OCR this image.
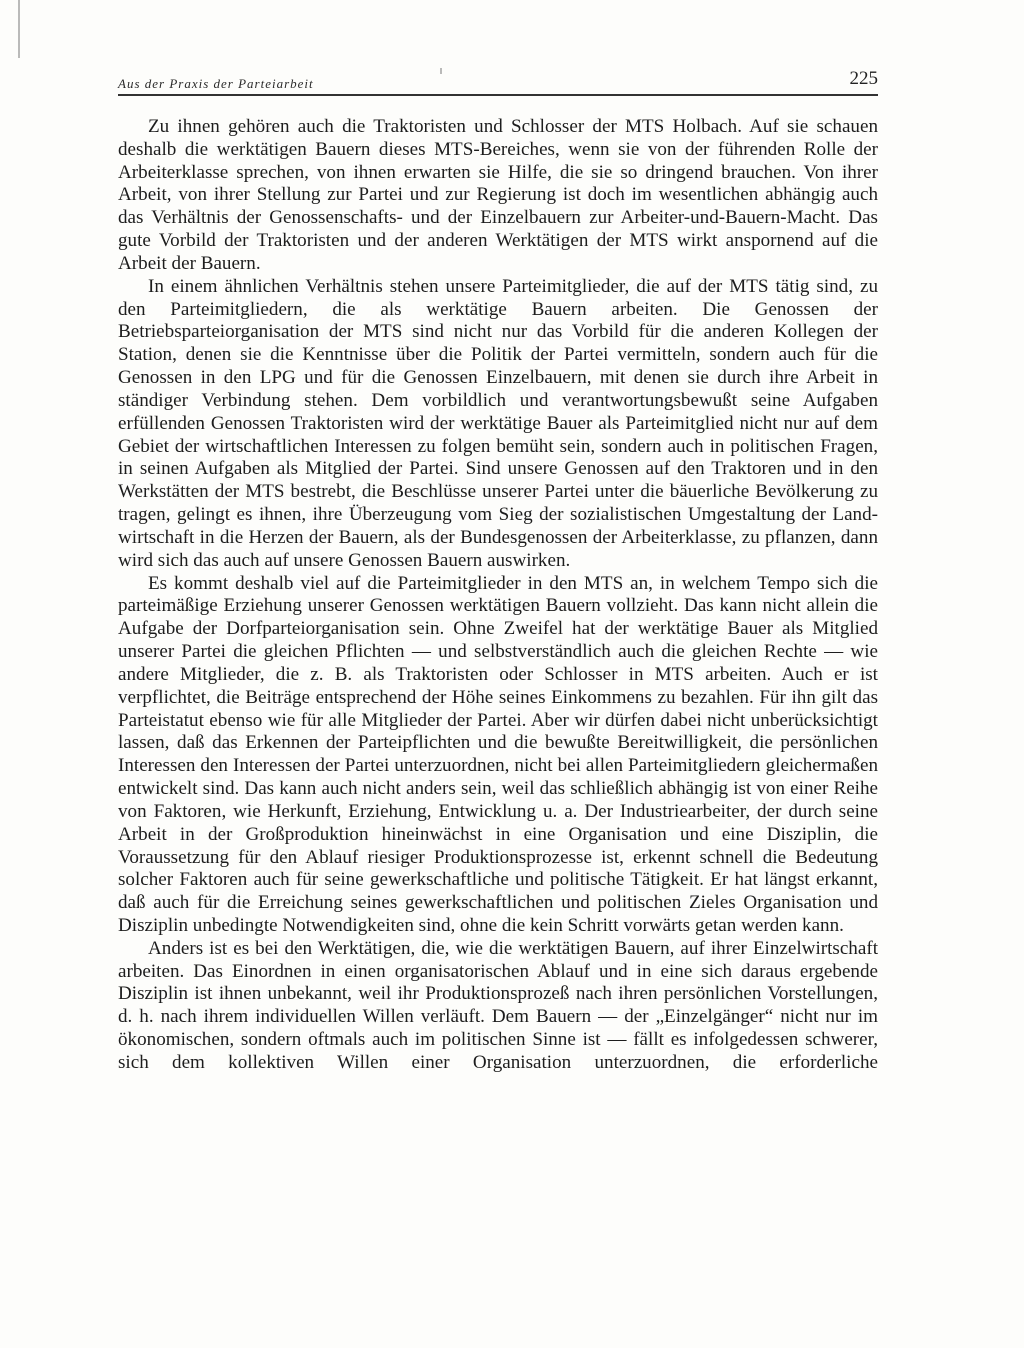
Aus der Praxis der Parteiarbeit	225

Zu ihnen gehören auch die Traktoristen und Schlosser der MTS Holbach. Auf sie schauen deshalb die werktätigen Bauern dieses MTS-Bereiches, wenn sie von der führenden Rolle der Arbeiterklasse sprechen, von ihnen erwarten sie Hilfe, die sie so dringend brauchen. Von ihrer Arbeit, von ihrer Stellung zur Partei und zur Regierung ist doch im wesentlichen abhängig auch das Verhältnis der Genossenschafts- und der Einzelbauern zur Arbeiter-und-Bauern-Macht. Das gute Vorbild der Traktoristen und der anderen Werktätigen der MTS wirkt anspornend auf die Arbeit der Bauern.

In einem ähnlichen Verhältnis stehen unsere Parteimitglieder, die auf der MTS tätig sind, zu den Parteimitgliedern, die als werktätige Bauern arbeiten. Die Genossen der Betriebsparteiorganisation der MTS sind nicht nur das Vorbild für die anderen Kollegen der Station, denen sie die Kenntnisse über die Politik der Partei vermitteln, sondern auch für die Genossen in den LPG und für die Genossen Einzelbauern, mit denen sie durch ihre Arbeit in ständiger Verbindung stehen. Dem vorbildlich und verantwortungsbewußt seine Aufgaben erfüllenden Genossen Traktoristen wird der werktätige Bauer als Parteimitglied nicht nur auf dem Gebiet der wirtschaftlichen Interessen zu folgen bemüht sein, sondern auch in politischen Fragen, in seinen Aufgaben als Mitglied der Partei. Sind unsere Genossen auf den Traktoren und in den Werkstätten der MTS bestrebt, die Beschlüsse unserer Partei unter die bäuerliche Bevölkerung zu tragen, gelingt es ihnen, ihre Überzeugung vom Sieg der sozialistischen Umgestaltung der Landwirtschaft in die Herzen der Bauern, als der Bundesgenossen der Arbeiterklasse, zu pflanzen, dann wird sich das auch auf unsere Genossen Bauern auswirken.

Es kommt deshalb viel auf die Parteimitglieder in den MTS an, in welchem Tempo sich die parteimäßige Erziehung unserer Genossen werktätigen Bauern vollzieht. Das kann nicht allein die Aufgabe der Dorfparteiorganisation sein. Ohne Zweifel hat der werktätige Bauer als Mitglied unserer Partei die gleichen Pflichten — und selbstverständlich auch die gleichen Rechte — wie andere Mitglieder, die z. B. als Traktoristen oder Schlosser in MTS arbeiten. Auch er ist verpflichtet, die Beiträge entsprechend der Höhe seines Einkommens zu bezahlen. Für ihn gilt das Parteistatut ebenso wie für alle Mitglieder der Partei. Aber wir dürfen dabei nicht unberücksichtigt lassen, daß das Erkennen der Parteipflichten und die bewußte Bereitwilligkeit, die persönlichen Interessen den Interessen der Partei unterzuordnen, nicht bei allen Parteimitgliedern gleichermaßen entwickelt sind. Das kann auch nicht anders sein, weil das schließlich abhängig ist von einer Reihe von Faktoren, wie Herkunft, Erziehung, Entwicklung u. a. Der Industriearbeiter, der durch seine Arbeit in der Großproduktion hineinwächst in eine Organisation und eine Disziplin, die Voraussetzung für den Ablauf riesiger Produktionsprozesse ist, erkennt schnell die Bedeutung solcher Faktoren auch für seine gewerkschaftliche und politische Tätigkeit. Er hat längst erkannt, daß auch für die Erreichung seines gewerkschaftlichen und politischen Zieles Organisation und Disziplin unbedingte Notwendigkeiten sind, ohne die kein Schritt vorwärts getan werden kann.

Anders ist es bei den Werktätigen, die, wie die werktätigen Bauern, auf ihrer Einzelwirtschaft arbeiten. Das Einordnen in einen organisatorischen Ablauf und in eine sich daraus ergebende Disziplin ist ihnen unbekannt, weil ihr Produktionsprozeß nach ihren persönlichen Vorstellungen, d. h. nach ihrem individuellen Willen verläuft. Dem Bauern — der „Einzelgänger“ nicht nur im ökonomischen, sondern oftmals auch im politischen Sinne ist — fällt es infolgedessen schwerer, sich dem kollektiven Willen einer Organisation unterzuordnen, die erforderliche
